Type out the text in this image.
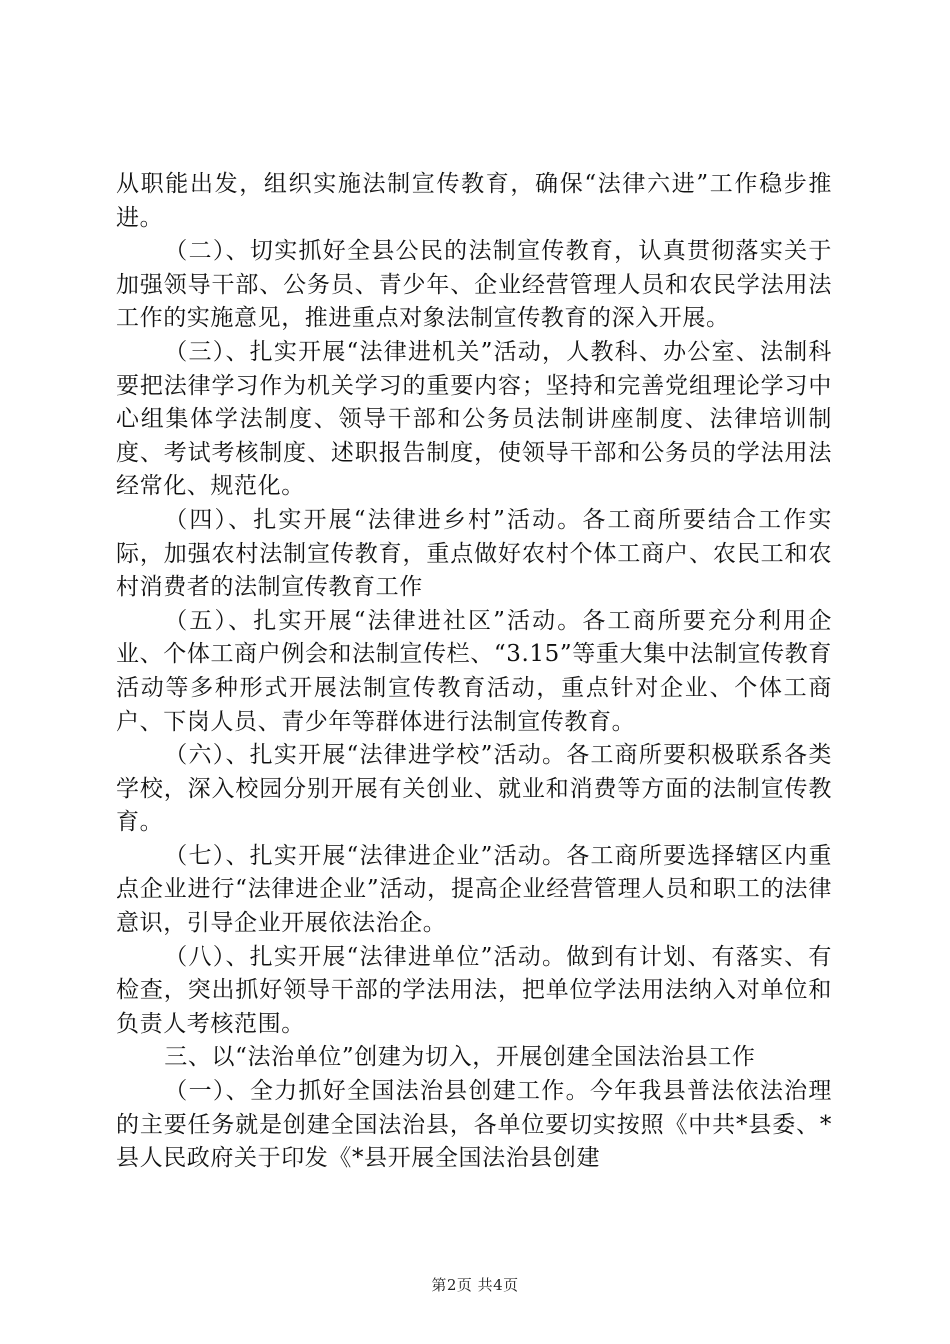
从职能出发，组织实施法制宣传教育，确保“法律六进”工作稳步推进。

（二）、切实抓好全县公民的法制宣传教育，认真贯彻落实关于加强领导干部、公务员、青少年、企业经营管理人员和农民学法用法工作的实施意见，推进重点对象法制宣传教育的深入开展。

（三）、扎实开展“法律进机关”活动，人教科、办公室、法制科要把法律学习作为机关学习的重要内容；坚持和完善党组理论学习中心组集体学法制度、领导干部和公务员法制讲座制度、法律培训制度、考试考核制度、述职报告制度，使领导干部和公务员的学法用法经常化、规范化。

（四）、扎实开展“法律进乡村”活动。各工商所要结合工作实际，加强农村法制宣传教育，重点做好农村个体工商户、农民工和农村消费者的法制宣传教育工作

（五）、扎实开展“法律进社区”活动。各工商所要充分利用企业、个体工商户例会和法制宣传栏、“3.15”等重大集中法制宣传教育活动等多种形式开展法制宣传教育活动，重点针对企业、个体工商户、下岗人员、青少年等群体进行法制宣传教育。

（六）、扎实开展“法律进学校”活动。各工商所要积极联系各类学校，深入校园分别开展有关创业、就业和消费等方面的法制宣传教育。

（七）、扎实开展“法律进企业”活动。各工商所要选择辖区内重点企业进行“法律进企业”活动，提高企业经营管理人员和职工的法律意识，引导企业开展依法治企。

（八）、扎实开展“法律进单位”活动。做到有计划、有落实、有检查，突出抓好领导干部的学法用法，把单位学法用法纳入对单位和负责人考核范围。

三、以“法治单位”创建为切入，开展创建全国法治县工作

（一）、全力抓好全国法治县创建工作。今年我县普法依法治理的主要任务就是创建全国法治县，各单位要切实按照《中共*县委、*县人民政府关于印发《*县开展全国法治县创建

第2页 共4页
